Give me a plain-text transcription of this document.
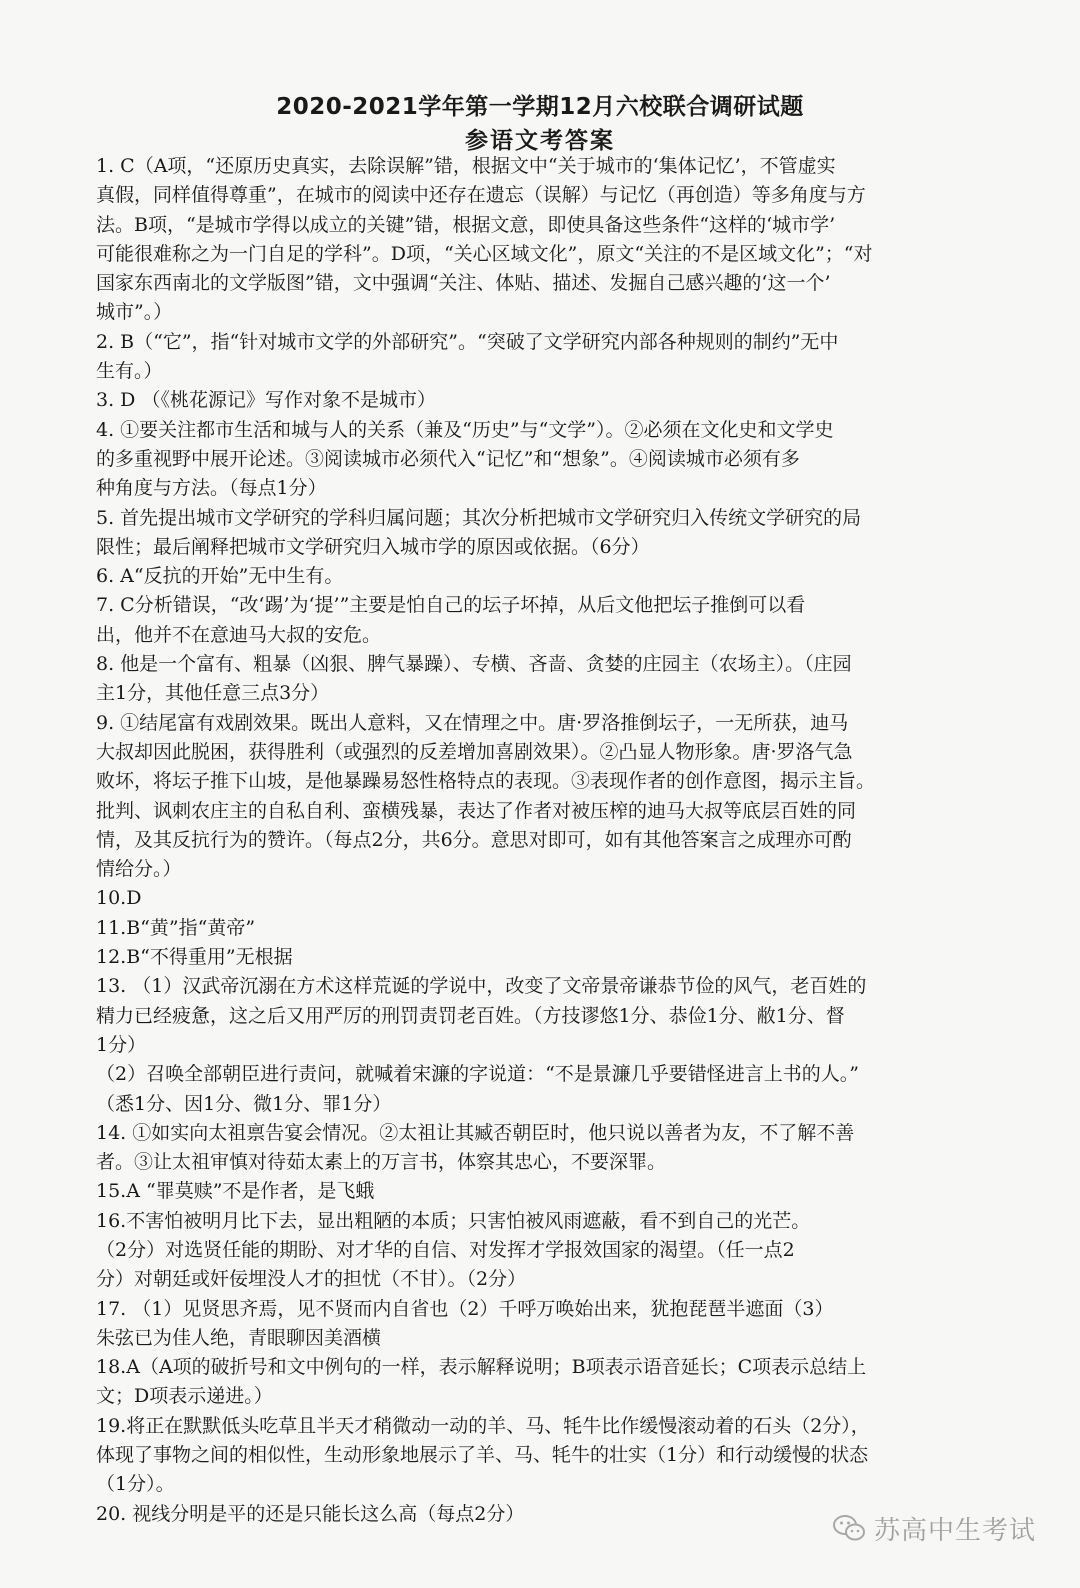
2020-2021学年第一学期12月六校联合调研试题
参语文考答案
1. C（A项，“还原历史真实，去除误解”错，根据文中“关于城市的‘集体记忆’，不管虚实
真假，同样值得尊重”，在城市的阅读中还存在遗忘（误解）与记忆（再创造）等多角度与方
法。B项，“是城市学得以成立的关键”错，根据文意，即使具备这些条件“这样的‘城市学’
可能很难称之为一门自足的学科”。D项，“关心区域文化”，原文“关注的不是区域文化”；“对
国家东西南北的文学版图”错，文中强调“关注、体贴、描述、发掘自己感兴趣的‘这一个’
城市”。）
2. B（“它”，指“针对城市文学的外部研究”。“突破了文学研究内部各种规则的制约”无中
生有。）
3. D （《桃花源记》写作对象不是城市）
4. ①要关注都市生活和城与人的关系（兼及“历史”与“文学”）。②必须在文化史和文学史
的多重视野中展开论述。③阅读城市必须代入“记忆”和“想象”。④阅读城市必须有多
种角度与方法。（每点1分）
5. 首先提出城市文学研究的学科归属问题；其次分析把城市文学研究归入传统文学研究的局
限性；最后阐释把城市文学研究归入城市学的原因或依据。（6分）
6. A“反抗的开始”无中生有。
7. C分析错误，“改‘踢’为‘提’”主要是怕自己的坛子坏掉，从后文他把坛子推倒可以看
出，他并不在意迪马大叔的安危。
8. 他是一个富有、粗暴（凶狠、脾气暴躁）、专横、吝啬、贪婪的庄园主（农场主）。（庄园
主1分，其他任意三点3分）
9. ①结尾富有戏剧效果。既出人意料，又在情理之中。唐·罗洛推倒坛子，一无所获，迪马
大叔却因此脱困，获得胜利（或强烈的反差增加喜剧效果）。②凸显人物形象。唐·罗洛气急
败坏，将坛子推下山坡，是他暴躁易怒性格特点的表现。③表现作者的创作意图，揭示主旨。
批判、讽刺农庄主的自私自利、蛮横残暴，表达了作者对被压榨的迪马大叔等底层百姓的同
情，及其反抗行为的赞许。（每点2分，共6分。意思对即可，如有其他答案言之成理亦可酌
情给分。）
10.D
11.B“黄”指“黄帝”
12.B“不得重用”无根据
13. （1）汉武帝沉溺在方术这样荒诞的学说中，改变了文帝景帝谦恭节俭的风气，老百姓的
精力已经疲惫，这之后又用严厉的刑罚责罚老百姓。（方技谬悠1分、恭俭1分、敝1分、督
1分）
（2）召唤全部朝臣进行责问，就喊着宋濂的字说道：“不是景濂几乎要错怪进言上书的人。”
（悉1分、因1分、微1分、罪1分）
14. ①如实向太祖禀告宴会情况。②太祖让其臧否朝臣时，他只说以善者为友，不了解不善
者。③让太祖审慎对待茹太素上的万言书，体察其忠心，不要深罪。
15.A “罪莫赎”不是作者，是飞蛾
16.不害怕被明月比下去，显出粗陋的本质；只害怕被风雨遮蔽，看不到自己的光芒。
（2分）对选贤任能的期盼、对才华的自信、对发挥才学报效国家的渴望。（任一点2
分）对朝廷或奸佞埋没人才的担忧（不甘）。（2分）
17. （1）见贤思齐焉，见不贤而内自省也（2）千呼万唤始出来，犹抱琵琶半遮面（3）
朱弦已为佳人绝，青眼聊因美酒横
18.A（A项的破折号和文中例句的一样，表示解释说明；B项表示语音延长；C项表示总结上
文；D项表示递进。）
19.将正在默默低头吃草且半天才稍微动一动的羊、马、牦牛比作缓慢滚动着的石头（2分），
体现了事物之间的相似性，生动形象地展示了羊、马、牦牛的壮实（1分）和行动缓慢的状态
（1分）。
20. 视线分明是平的还是只能长这么高（每点2分）
苏高中生考试
